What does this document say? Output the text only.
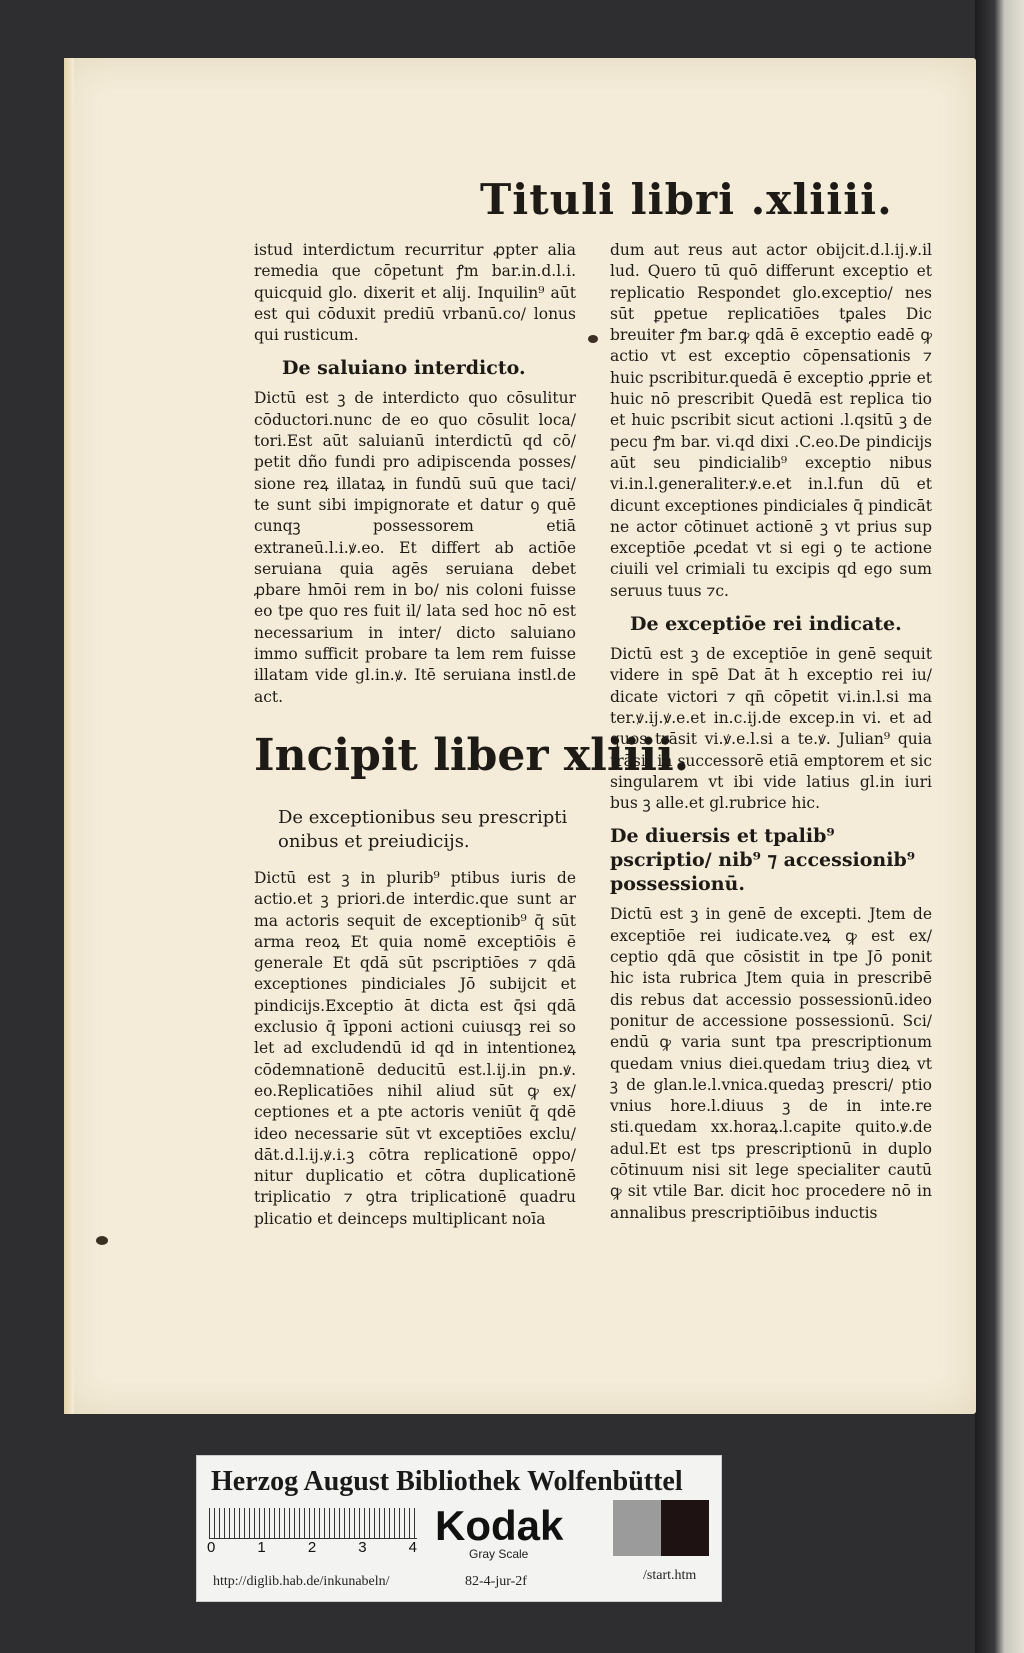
Tituli libri .xliiii.

istud interdictum recurritur ꝓpter alia remedia que cōpetunt ꝭm bar.in.d.l.i. quicquid glo. dixerit et alij. Inquilin⁹ aūt est qui cōduxit prediū vrbanū.co/ lonus qui rusticum.

De saluiano interdicto.

Dictū est ꝫ de interdicto quo cōsulitur cōductori.nunc de eo quo cōsulit loca/ tori.Est aūt saluianū interdictū qd cō/ petit dño fundi pro adipiscenda posses/ sione reꝝ illataꝝ in fundū suū que taci/ te sunt sibi impignorate et datur ꝯ quē cunqꝫ possessorem etiā extraneū.l.i.ꝟ.eo. Et differt ab actiōe seruiana quia agēs seruiana debet ꝓbare hmōi rem in bo/ nis coloni fuisse eo tpe quo res fuit il/ lata sed hoc nō est necessarium in inter/ dicto saluiano immo sufficit probare ta lem rem fuisse illatam vide gl.in.ꝟ. Itē seruiana instl.de act.

Incipit liber xliiii.
De exceptionibus seu prescripti onibus et preiudicijs.

Dictū est ꝫ in plurib⁹ ptibus iuris de actio.et ꝫ priori.de interdic.que sunt ar ma actoris sequit de exceptionib⁹ q̄ sūt arma reoꝝ Et quia nomē exceptiōis ē generale Et qdā sūt pscriptiōes ⁊ qdā exceptiones pindiciales Jō subijcit et pindicijs.Exceptio āt dicta est q̄si qdā exclusio q̄ īꝑponi actioni cuiusqꝫ rei so let ad excludendū id qd in intentioneꝝ cōdemnationē deducitū est.l.ij.in pn.ꝟ. eo.Replicatiōes nihil aliud sūt ꝙ ex/ ceptiones et a pte actoris veniūt q̄ qdē ideo necessarie sūt vt exceptiōes exclu/ dāt.d.l.ij.ꝟ.i.ꝫ cōtra replicationē oppo/ nitur duplicatio et cōtra duplicationē triplicatio ⁊ ꝯtra triplicationē quadru plicatio et deinceps multiplicant noīa

dum aut reus aut actor obijcit.d.l.ij.ꝟ.il lud. Quero tū quō differunt exceptio et replicatio Respondet glo.exceptio/ nes sūt ꝑpetue replicatiōes tꝑales Dic breuiter ꝭm bar.ꝙ qdā ē exceptio eadē ꝙ actio vt est exceptio cōpensationis ⁊ huic pscribitur.quedā ē exceptio ꝓprie et huic nō prescribit Quedā est replica tio et huic pscribit sicut actioni .l.qsitū ꝫ de pecu ꝭm bar. vi.qd dixi .C.eo.De pindicijs aūt seu pindicialib⁹ exceptio nibus vi.in.l.generaliter.ꝟ.e.et in.l.fun dū et dicunt exceptiones pindiciales q̄ pindicāt ne actor cōtinuet actionē ꝫ vt prius sup exceptiōe ꝓcedat vt si egi ꝯ te actione ciuili vel crimiali tu excipis qd ego sum seruus tuus ⁊c.

De exceptiōe rei indicate.

Dictū est ꝫ de exceptiōe in genē sequit videre in spē Dat āt h exceptio rei iu/ dicate victori ⁊ qn̄ cōpetit vi.in.l.si ma ter.ꝟ.ij.ꝟ.e.et in.c.ij.de excep.in vi. et ad quos trāsit vi.ꝟ.e.l.si a te.ꝟ. Julian⁹ quia trāsit in successorē etiā emptorem et sic singularem vt ibi vide latius gl.in iuri bus ꝫ alle.et gl.rubrice hic.

De diuersis et tpalib⁹ pscriptio/ nib⁹ ⁊ accessionib⁹ possessionū.

Dictū est ꝫ in genē de excepti. Jtem de exceptiōe rei iudicate.veꝝ ꝙ est ex/ ceptio qdā que cōsistit in tpe Jō ponit hic ista rubrica Jtem quia in prescribē dis rebus dat accessio possessionū.ideo ponitur de accessione possessionū. Sci/ endū ꝙ varia sunt tpa prescriptionum quedam vnius diei.quedam triuꝫ dieꝝ vt ꝫ de glan.le.l.vnica.quedaꝫ prescri/ ptio vnius hore.l.diuus ꝫ de in inte.re sti.quedam xx.horaꝝ.l.capite quito.ꝟ.de adul.Et est tps prescriptionū in duplo cōtinuum nisi sit lege specialiter cautū ꝙ sit vtile Bar. dicit hoc procedere nō in annalibus prescriptiōibus inductis

Herzog August Bibliothek Wolfenbüttel
0	1	2	3	4 Kodak
Gray Scale
http://diglib.hab.de/inkunabeln/	82-4-jur-2f	/start.htm
